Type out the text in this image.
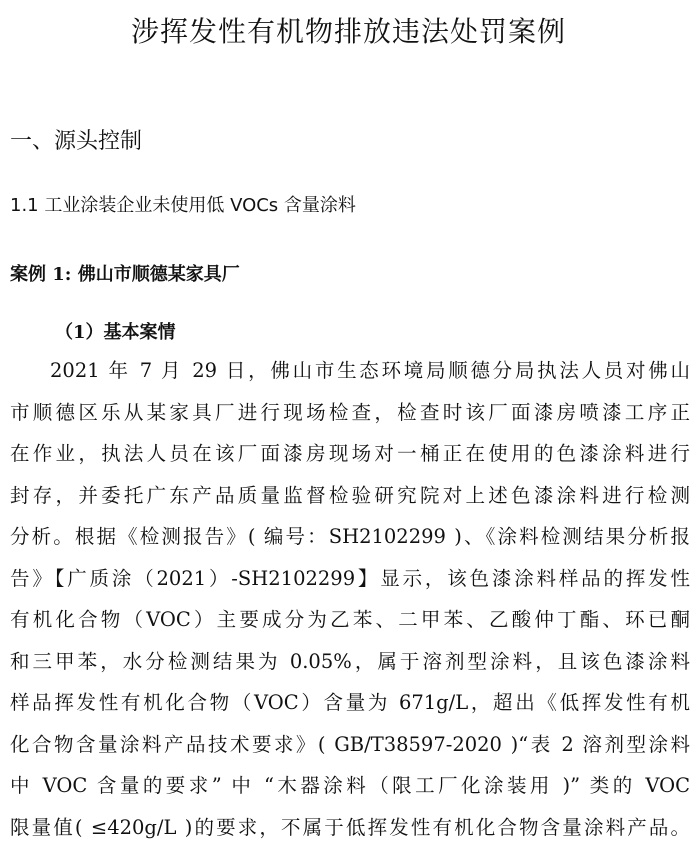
涉挥发性有机物排放违法处罚案例
一、源头控制
1.1 工业涂装企业未使用低 VOCs 含量涂料
案例 1: 佛山市顺德某家具厂
（1）基本案情
2021 年 7 月 29 日，佛山市生态环境局顺德分局执法人员对佛山
市顺德区乐从某家具厂进行现场检查，检查时该厂面漆房喷漆工序正
在作业，执法人员在该厂面漆房现场对一桶正在使用的色漆涂料进行
封存，并委托广东产品质量监督检验研究院对上述色漆涂料进行检测
分析。根据《检测报告》( 编号：SH2102299 )、《涂料检测结果分析报
告》【广质涂（2021）-SH2102299】显示，该色漆涂料样品的挥发性
有机化合物（VOC）主要成分为乙苯、二甲苯、乙酸仲丁酯、环已酮
和三甲苯，水分检测结果为 0.05%，属于溶剂型涂料，且该色漆涂料
样品挥发性有机化合物（VOC）含量为 671g/L，超出《低挥发性有机
化合物含量涂料产品技术要求》( GB/T38597-2020 )“表 2 溶剂型涂料
中 VOC 含量的要求” 中 “木器涂料（限工厂化涂装用 )” 类的 VOC
限量值( ≤420g/L )的要求，不属于低挥发性有机化合物含量涂料产品。
